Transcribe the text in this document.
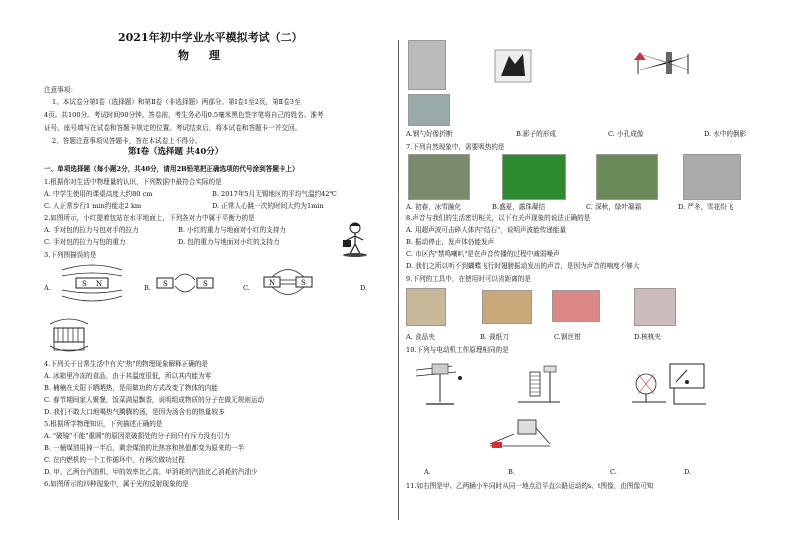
2021年初中学业水平模拟考试（二）
物 理
注意事项：
1、本试卷分第Ⅰ卷（选择题）和第Ⅱ卷（非选择题）两部分。第Ⅰ卷1至2页，第Ⅱ卷3至
4页。共100分。考试时间90分钟。答卷前，考生务必用0.5毫米黑色签字笔将自己的姓名、准考
证号、座号填写在试卷和答题卡规定的位置。考试结束后，将本试卷和答题卡一并交回。
2、答题注意事项见答题卡，答在本试卷上不得分。
第Ⅰ卷（选择题 共40分）
一、单项选择题（每小题2分，共40分，请用2B铅笔把正确选项的代号涂到答题卡上）
1.根据你对生活中物理量的认识，下列数据中最符合实际的是
A. 中学生使用的课桌高度大约80 cm	B. 2017年5月无锡地区的平均气温约42℃
C. 人正常步行1 min约能走2 km	D. 正常人心跳一次的时间大约为1min
2.如图所示，小红提着包站在水平地面上，下列各对力中属于平衡力的是
A. 手对包的拉力与包对手的拉力	B. 小红的重力与地面对小红的支持力
C. 手对包的拉力与包的重力	D. 包的重力与地面对小红的支持力
3.下列图描误的是
A.	B.	C.	D.
S N	S	S	N	S
4.下列关于日常生活中有关"热"的物理现象解释正确的是
A. 冰箱里冷冻的食品，由于其温度很低，所以其内能为零
B. 楠楠在太阳下晒晒热，是用做功的方式改变了物体的内能
C. 春节期间家人聚餐，饭菜满屋飘香，说明组成物质的分子在做无规则运动
D. 我们不敢大口地喝热气腾腾的汤，是因为汤含有的热量较多
5.根据所学物理知识，下列描述正确的是
A. "破镜"不能"重圆"的原因是破损处的分子间只有斥力没有引力
B. 一桶煤油用掉一半后，剩余煤油的比热容和热值都变为原来的一半
C. 在内燃机的一个工作循环中，有两次做功过程
D. 甲、乙两台汽油机，甲的效率比乙高，甲消耗的汽油比乙消耗的汽油少
6.如图所示的四种现象中，属于光的反射现象的是
A.钢勺好像折断	B.影子的形成	C. 小孔成像	D. 水中的倒影
7.下列自然现象中，需要吸热的是
A. 初春，冰雪融化	B.盛夏，露珠凝结	C. 深秋，绿叶凝霜	D. 严冬，雪花纷飞
8.声音与我们的生活密切相关，以下有关声现象的说法正确的是
A. 用超声波可击碎人体内"结石"，说明声波能传递能量
B. 振动停止，发声体仍能发声
C. 市区内"禁鸣喇叭"是在声音传播的过程中减弱噪声
D. 我们之所以听不到蝴蝶飞行时翅膀振动发出的声音，是因为声音的响度不够大
9.下列的工具中，在使用时可以省距离的是
A. 食品夹	B. 裁纸刀	C.钢丝钳	D.核桃夹
10.下列与电动机工作原理相同的是
A.	B.	C.	D.
11.如右图是甲、乙两辆小车同时从同一地点沿平直公路运动的s、t图像，由图像可知
